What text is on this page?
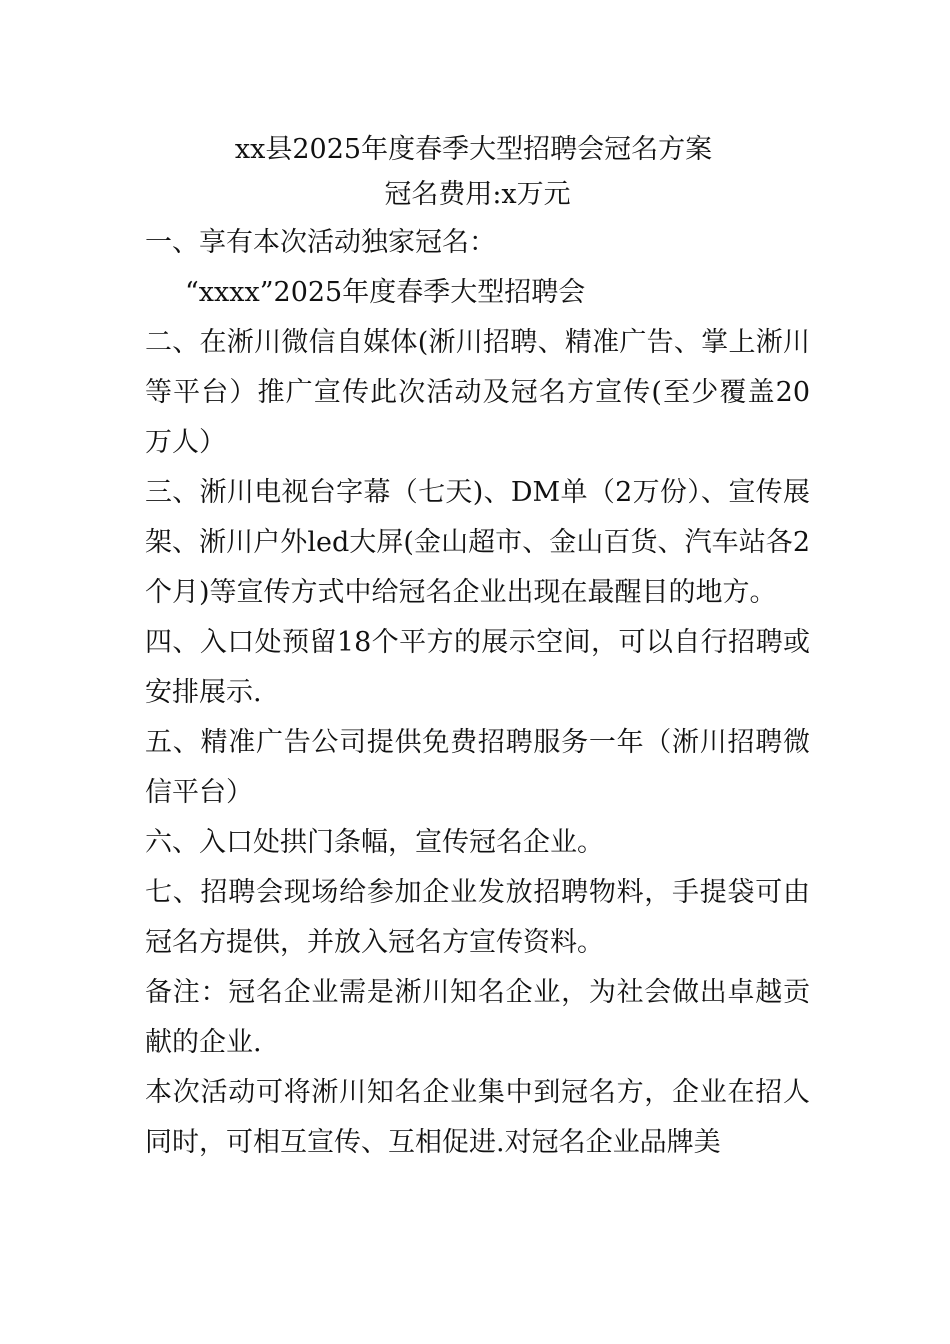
xx县2025年度春季大型招聘会冠名方案
冠名费用:x万元

一、享有本次活动独家冠名：

“xxxx”2025年度春季大型招聘会

二、在淅川微信自媒体(淅川招聘、精准广告、掌上淅川等平台）推广宣传此次活动及冠名方宣传(至少覆盖20万人）

三、淅川电视台字幕（七天)、DM单（2万份）、宣传展架、淅川户外led大屏(金山超市、金山百货、汽车站各2个月)等宣传方式中给冠名企业出现在最醒目的地方。

四、入口处预留18个平方的展示空间，可以自行招聘或安排展示.

五、精准广告公司提供免费招聘服务一年（淅川招聘微信平台）

六、入口处拱门条幅，宣传冠名企业。

七、招聘会现场给参加企业发放招聘物料，手提袋可由冠名方提供，并放入冠名方宣传资料。

备注：冠名企业需是淅川知名企业，为社会做出卓越贡献的企业.

本次活动可将淅川知名企业集中到冠名方，企业在招人同时，可相互宣传、互相促进.对冠名企业品牌美
